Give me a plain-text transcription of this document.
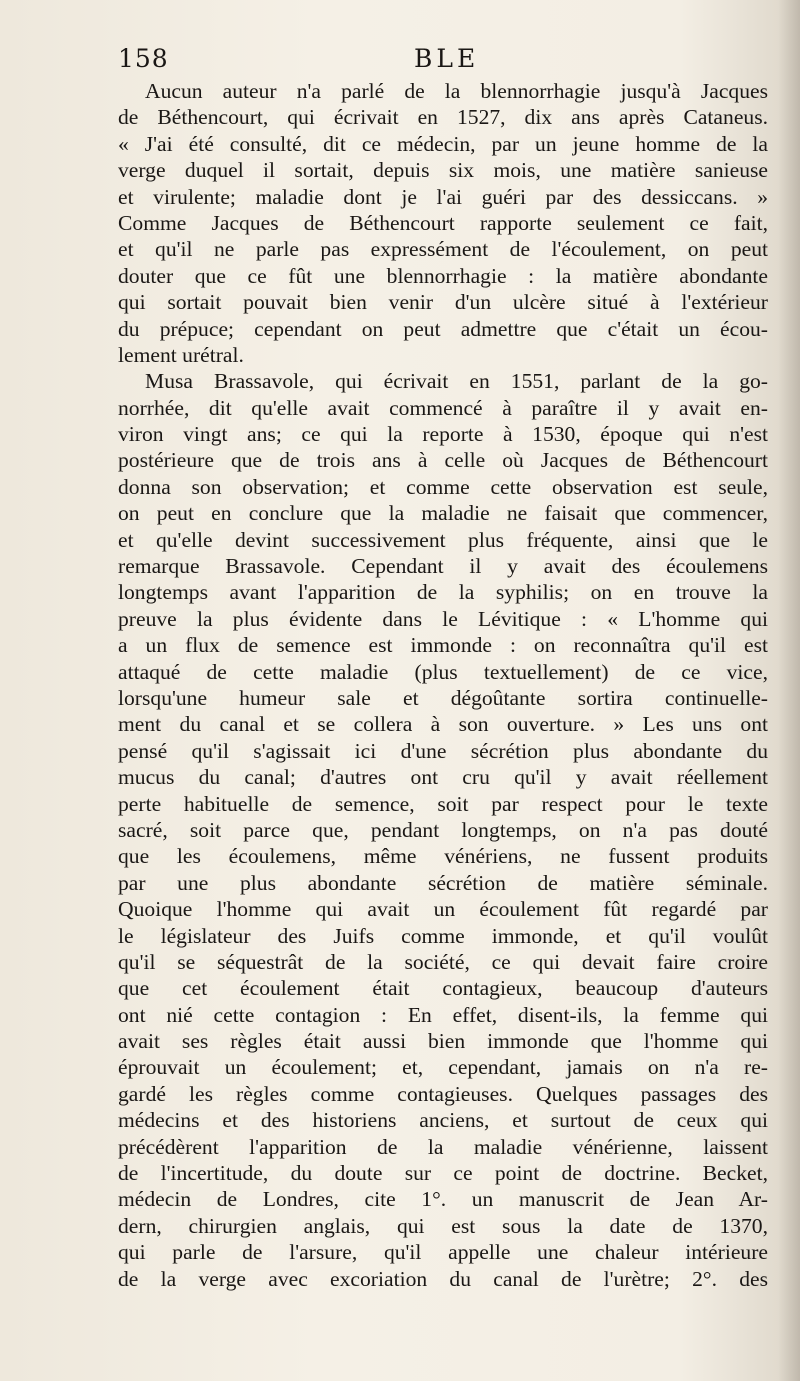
158	BLE
Aucun auteur n'a parlé de la blennorrhagie jusqu'à Jacques
de Béthencourt, qui écrivait en 1527, dix ans après Cataneus.
« J'ai été consulté, dit ce médecin, par un jeune homme de la
verge duquel il sortait, depuis six mois, une matière sanieuse
et virulente; maladie dont je l'ai guéri par des dessiccans. »
Comme Jacques de Béthencourt rapporte seulement ce fait,
et qu'il ne parle pas expressément de l'écoulement, on peut
douter que ce fût une blennorrhagie : la matière abondante
qui sortait pouvait bien venir d'un ulcère situé à l'extérieur
du prépuce; cependant on peut admettre que c'était un écou-
lement urétral.
Musa Brassavole, qui écrivait en 1551, parlant de la go-
norrhée, dit qu'elle avait commencé à paraître il y avait en-
viron vingt ans; ce qui la reporte à 1530, époque qui n'est
postérieure que de trois ans à celle où Jacques de Béthencourt
donna son observation; et comme cette observation est seule,
on peut en conclure que la maladie ne faisait que commencer,
et qu'elle devint successivement plus fréquente, ainsi que le
remarque Brassavole. Cependant il y avait des écoulemens
longtemps avant l'apparition de la syphilis; on en trouve la
preuve la plus évidente dans le Lévitique : « L'homme qui
a un flux de semence est immonde : on reconnaîtra qu'il est
attaqué de cette maladie (plus textuellement) de ce vice,
lorsqu'une humeur sale et dégoûtante sortira continuelle-
ment du canal et se collera à son ouverture. » Les uns ont
pensé qu'il s'agissait ici d'une sécrétion plus abondante du
mucus du canal; d'autres ont cru qu'il y avait réellement
perte habituelle de semence, soit par respect pour le texte
sacré, soit parce que, pendant longtemps, on n'a pas douté
que les écoulemens, même vénériens, ne fussent produits
par une plus abondante sécrétion de matière séminale.
Quoique l'homme qui avait un écoulement fût regardé par
le législateur des Juifs comme immonde, et qu'il voulût
qu'il se séquestrât de la société, ce qui devait faire croire
que cet écoulement était contagieux, beaucoup d'auteurs
ont nié cette contagion : En effet, disent-ils, la femme qui
avait ses règles était aussi bien immonde que l'homme qui
éprouvait un écoulement; et, cependant, jamais on n'a re-
gardé les règles comme contagieuses. Quelques passages des
médecins et des historiens anciens, et surtout de ceux qui
précédèrent l'apparition de la maladie vénérienne, laissent
de l'incertitude, du doute sur ce point de doctrine. Becket,
médecin de Londres, cite 1°. un manuscrit de Jean Ar-
dern, chirurgien anglais, qui est sous la date de 1370,
qui parle de l'arsure, qu'il appelle une chaleur intérieure
de la verge avec excoriation du canal de l'urètre; 2°. des
